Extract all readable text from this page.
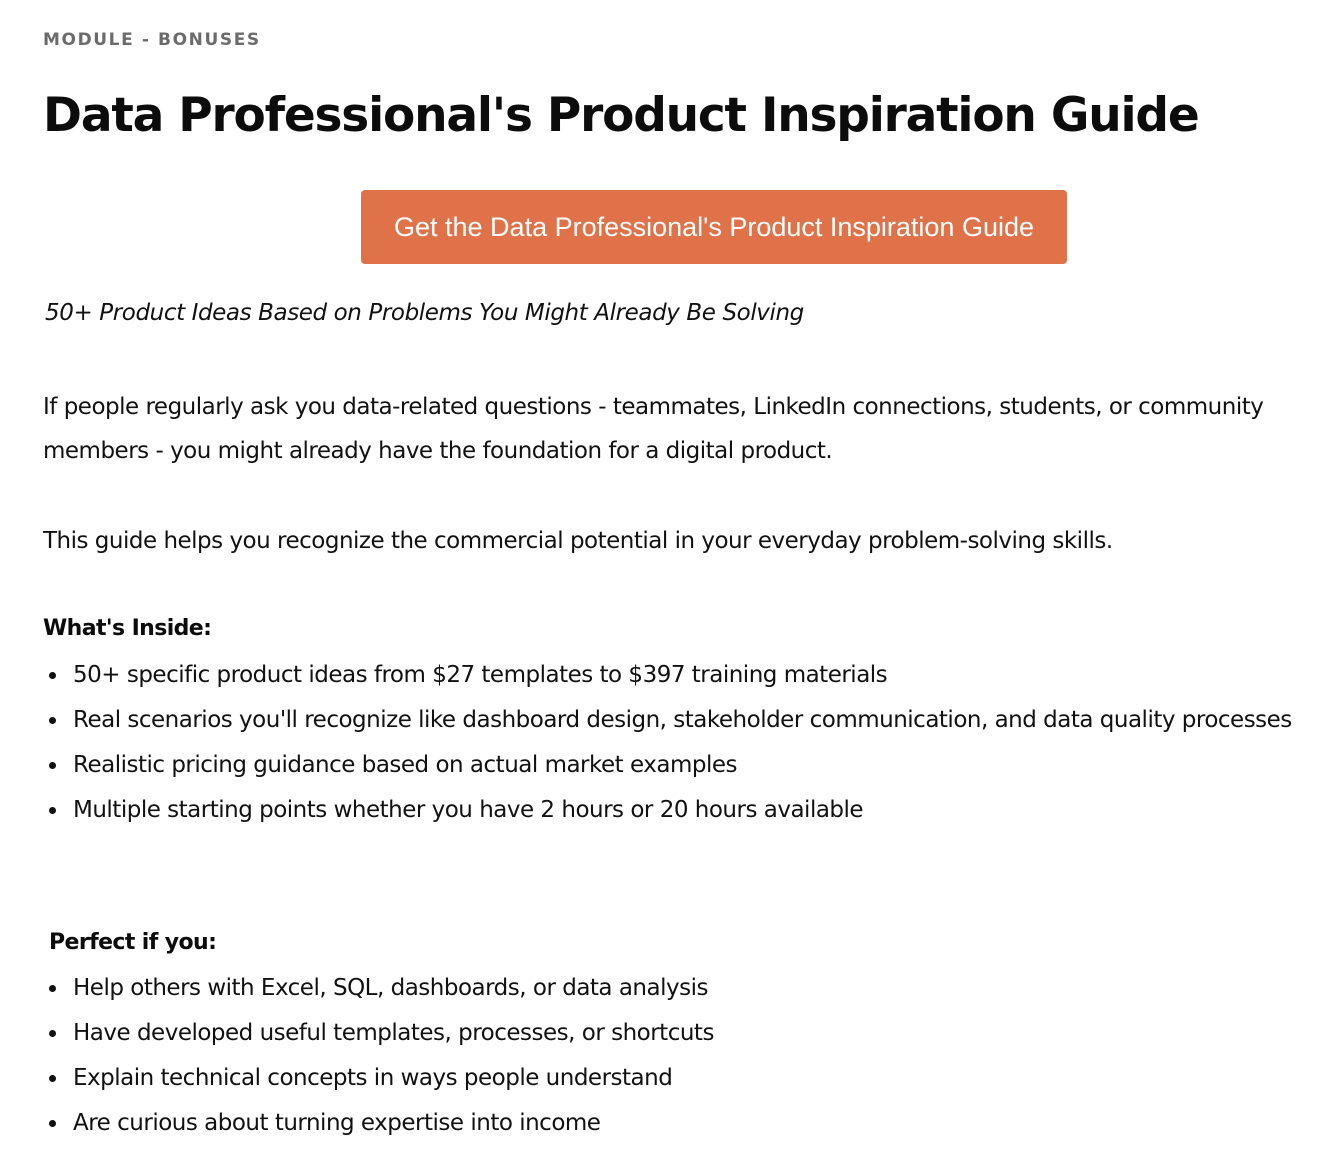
MODULE - BONUSES
Data Professional's Product Inspiration Guide
Get the Data Professional's Product Inspiration Guide

50+ Product Ideas Based on Problems You Might Already Be Solving

If people regularly ask you data-related questions - teammates, LinkedIn connections, students, or community members - you might already have the foundation for a digital product.

This guide helps you recognize the commercial potential in your everyday problem-solving skills.

What's Inside:
50+ specific product ideas from $27 templates to $397 training materials
Real scenarios you'll recognize like dashboard design, stakeholder communication, and data quality processes
Realistic pricing guidance based on actual market examples
Multiple starting points whether you have 2 hours or 20 hours available
Perfect if you:
Help others with Excel, SQL, dashboards, or data analysis
Have developed useful templates, processes, or shortcuts
Explain technical concepts in ways people understand
Are curious about turning expertise into income
